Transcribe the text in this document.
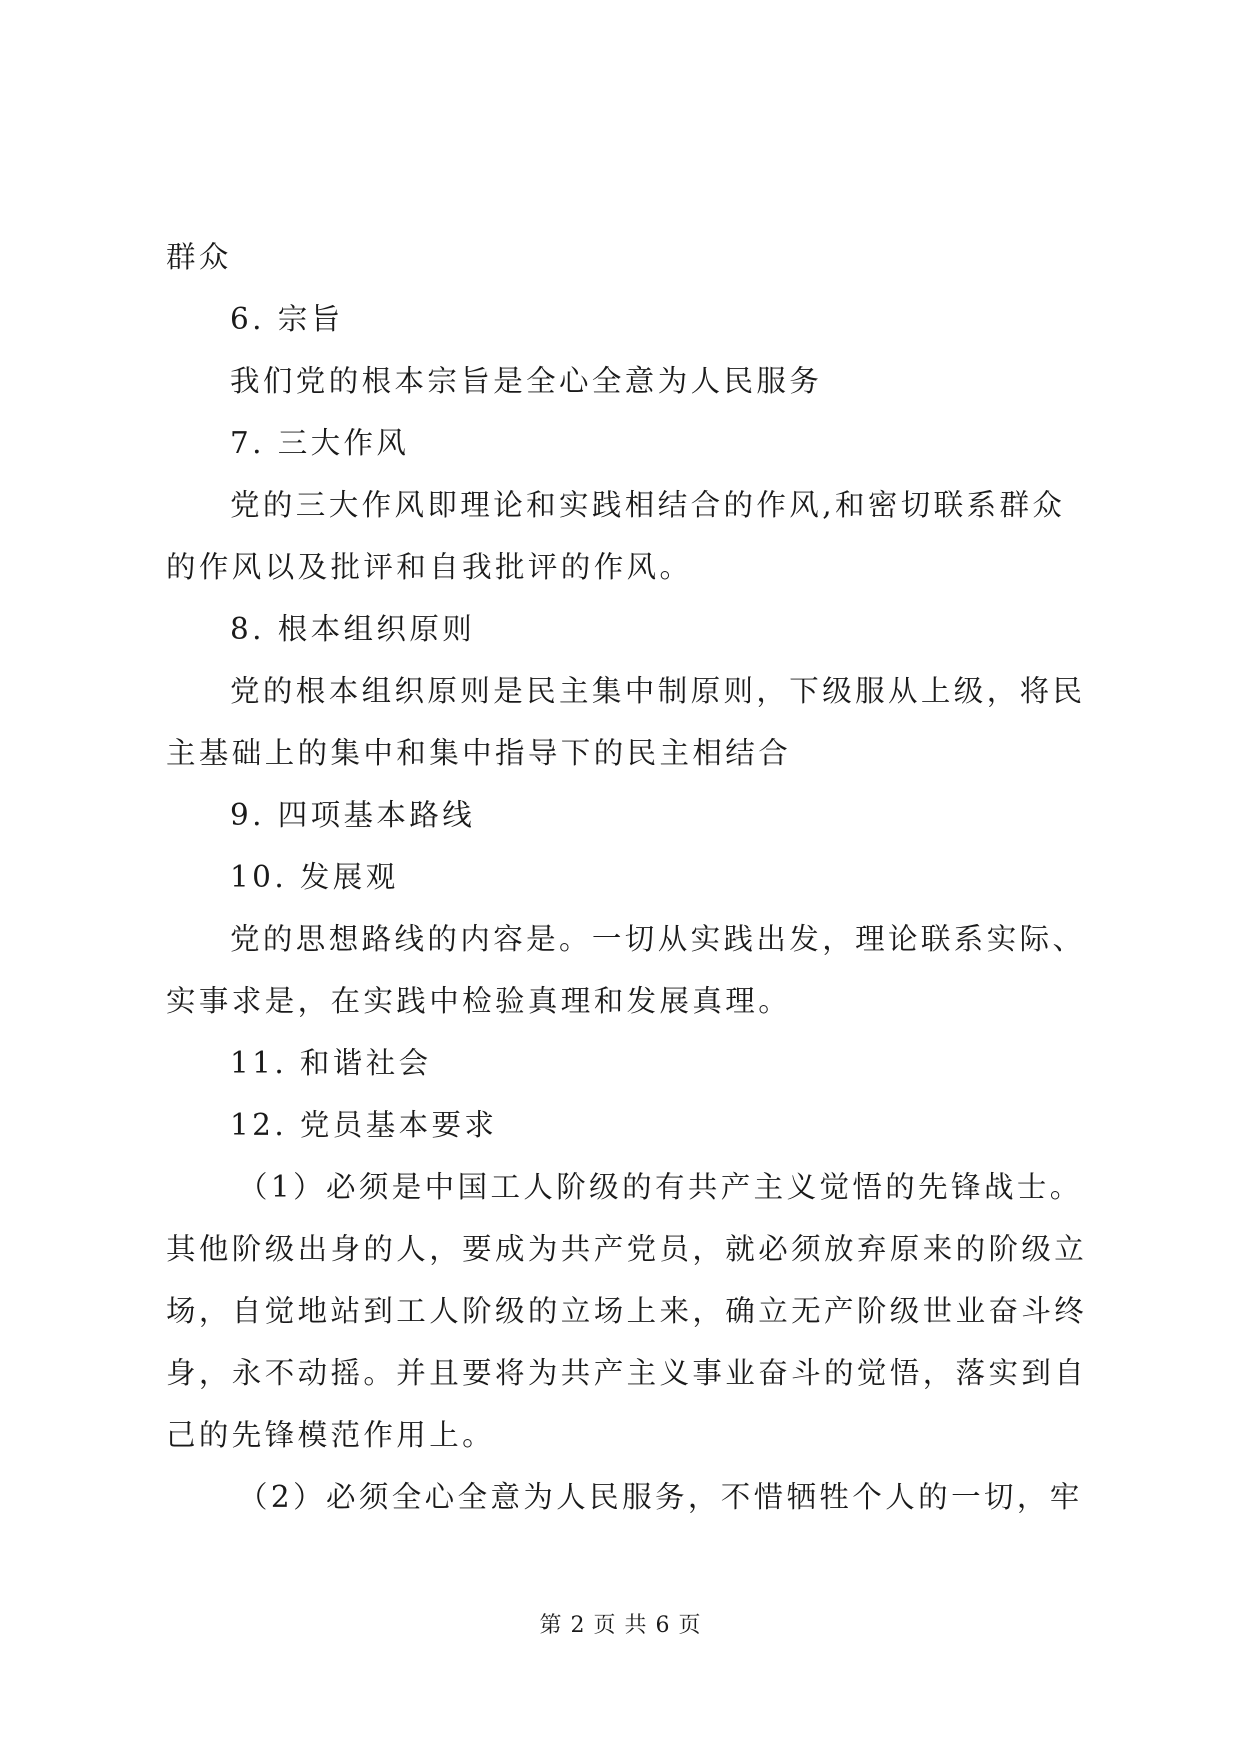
群众
6. 宗旨
我们党的根本宗旨是全心全意为人民服务
7. 三大作风
党的三大作风即理论和实践相结合的作风,和密切联系群众
的作风以及批评和自我批评的作风。
8. 根本组织原则
党的根本组织原则是民主集中制原则，下级服从上级，将民
主基础上的集中和集中指导下的民主相结合
9. 四项基本路线
10. 发展观
党的思想路线的内容是。一切从实践出发，理论联系实际、
实事求是，在实践中检验真理和发展真理。
11. 和谐社会
12. 党员基本要求
（1）必须是中国工人阶级的有共产主义觉悟的先锋战士。
其他阶级出身的人，要成为共产党员，就必须放弃原来的阶级立
场，自觉地站到工人阶级的立场上来，确立无产阶级世业奋斗终
身，永不动摇。并且要将为共产主义事业奋斗的觉悟，落实到自
己的先锋模范作用上。
（2）必须全心全意为人民服务，不惜牺牲个人的一切，牢
第 2 页 共 6 页
